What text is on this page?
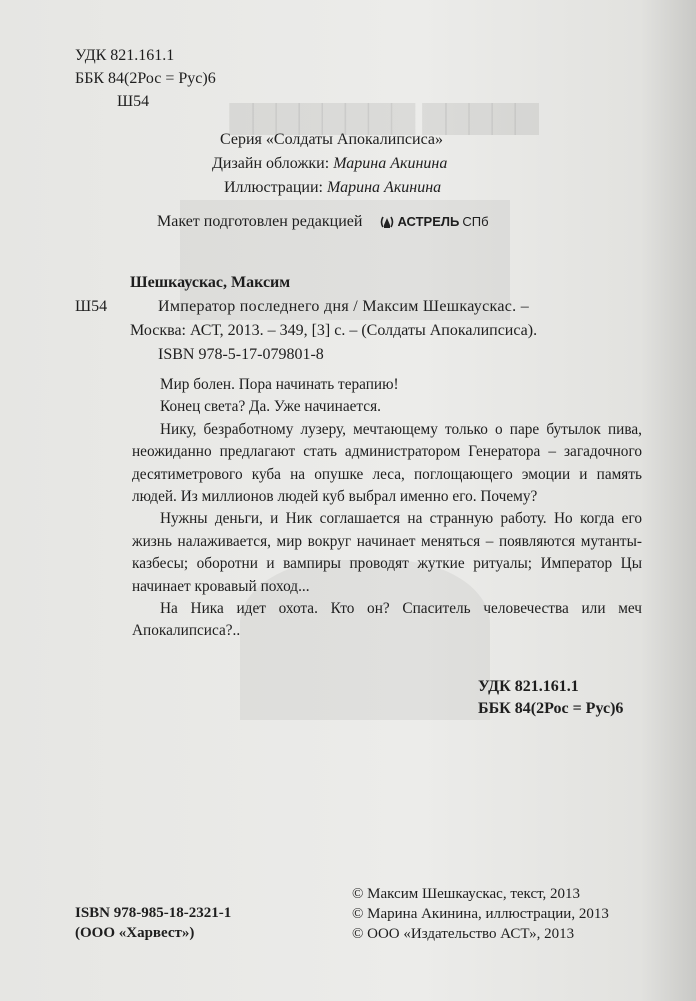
▇▇▇▇▇ ▇▇▇▇▇▇▇▇
УДК 821.161.1
ББК 84(2Рос = Рус)6
Ш54
Серия «Солдаты Апокалипсиса»
Дизайн обложки: Марина Акинина
Иллюстрации: Марина Акинина
Макет подготовлен редакцией	АСТРЕЛЬ СПб
Шешкаускас, Максим
Ш54	Император последнего дня / Максим Шешкаускас. –
Москва: АСТ, 2013. – 349, [3] с. – (Солдаты Апокалипсиса).
ISBN 978-5-17-079801-8

Мир болен. Пора начинать терапию!

Конец света? Да. Уже начинается.

Нику, безработному лузеру, мечтающему только о паре бутылок пива, неожиданно предлагают стать администратором Генератора – загадочного десятиметрового куба на опушке леса, поглощающего эмоции и память людей. Из миллионов людей куб выбрал именно его. Почему?

Нужны деньги, и Ник соглашается на странную работу. Но когда его жизнь налаживается, мир вокруг начинает меняться – появляются мутанты-казбесы; оборотни и вампиры проводят жуткие ритуалы; Император Цы начинает кровавый поход...

На Ника идет охота. Кто он? Спаситель человечества или меч Апокалипсиса?..

УДК 821.161.1
ББК 84(2Рос = Рус)6
ISBN 978-985-18-2321-1
(ООО «Харвест»)
© Максим Шешкаускас, текст, 2013
© Марина Акинина, иллюстрации, 2013
© ООО «Издательство АСТ», 2013
